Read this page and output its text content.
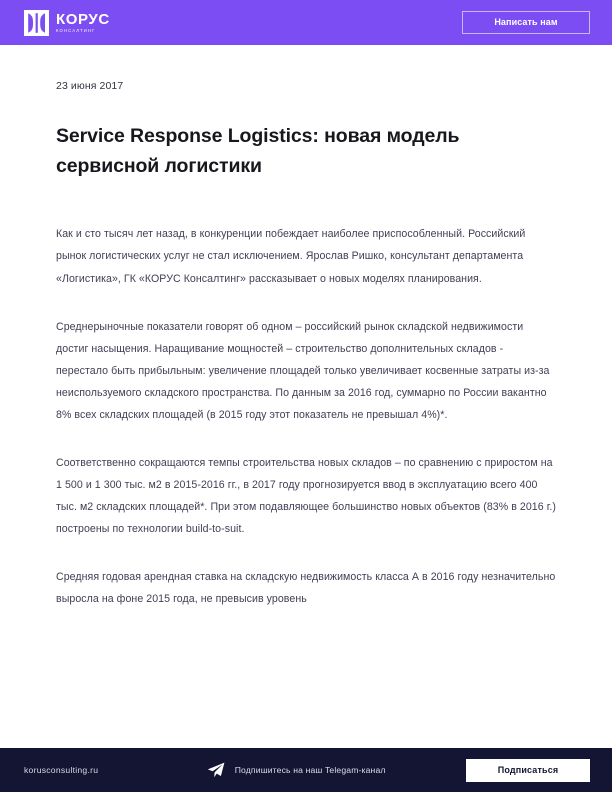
КОРУС
КОНСАЛТИНГ
Написать нам
23 июня 2017
Service Response Logistics: новая модель сервисной логистики

Как и сто тысяч лет назад, в конкуренции побеждает наиболее приспособленный. Российский рынок логистических услуг не стал исключением. Ярослав Ришко, консультант департамента «Логистика», ГК «КОРУС Консалтинг» рассказывает о новых моделях планирования.

Среднерыночные показатели говорят об одном – российский рынок складской недвижимости достиг насыщения. Наращивание мощностей – строительство дополнительных складов - перестало быть прибыльным: увеличение площадей только увеличивает косвенные затраты из-за неиспользуемого складского пространства. По данным за 2016 год, суммарно по России вакантно 8% всех складских площадей (в 2015 году этот показатель не превышал 4%)*.

Соответственно сокращаются темпы строительства новых складов – по сравнению с приростом на 1 500 и 1 300 тыс. м2 в 2015-2016 гг., в 2017 году прогнозируется ввод в эксплуатацию всего 400 тыс. м2 складских площадей*. При этом подавляющее большинство новых объектов (83% в 2016 г.) построены по технологии build-to-suit.

Средняя годовая арендная ставка на складскую недвижимость класса А в 2016 году незначительно выросла на фоне 2015 года, не превысив уровень

korusconsulting.ru	Подпишитесь на наш Telegam-канал	Подписаться
